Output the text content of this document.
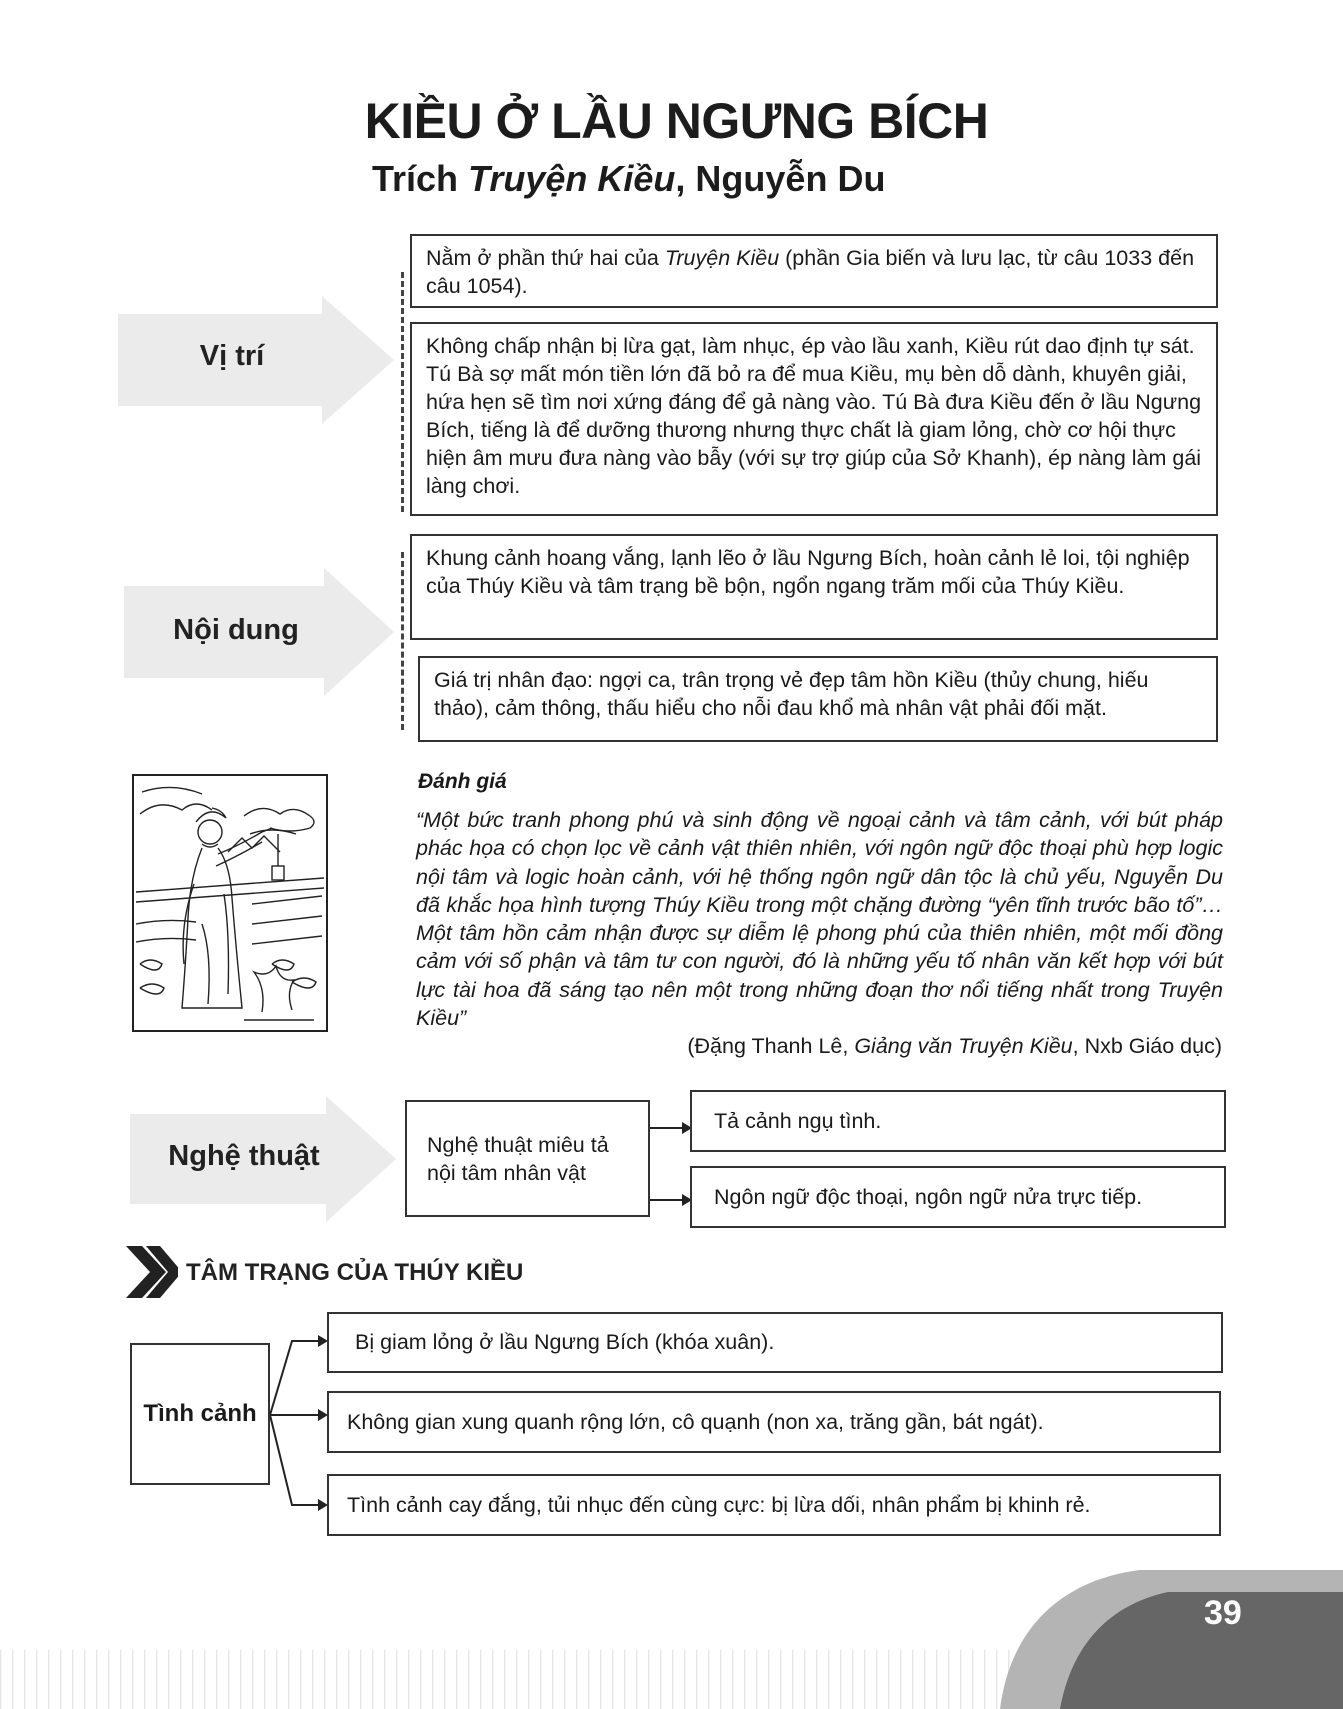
KIỀU Ở LẦU NGƯNG BÍCH
Trích Truyện Kiều, Nguyễn Du
Vị trí
Nằm ở phần thứ hai của Truyện Kiều (phần Gia biến và lưu lạc, từ câu 1033 đến câu 1054).
Không chấp nhận bị lừa gạt, làm nhục, ép vào lầu xanh, Kiều rút dao định tự sát. Tú Bà sợ mất món tiền lớn đã bỏ ra để mua Kiều, mụ bèn dỗ dành, khuyên giải, hứa hẹn sẽ tìm nơi xứng đáng để gả nàng vào. Tú Bà đưa Kiều đến ở lầu Ngưng Bích, tiếng là để dưỡng thương nhưng thực chất là giam lỏng, chờ cơ hội thực hiện âm mưu đưa nàng vào bẫy (với sự trợ giúp của Sở Khanh), ép nàng làm gái làng chơi.
Nội dung
Khung cảnh hoang vắng, lạnh lẽo ở lầu Ngưng Bích, hoàn cảnh lẻ loi, tội nghiệp của Thúy Kiều và tâm trạng bề bộn, ngổn ngang trăm mối của Thúy Kiều.
Giá trị nhân đạo: ngợi ca, trân trọng vẻ đẹp tâm hồn Kiều (thủy chung, hiếu thảo), cảm thông, thấu hiểu cho nỗi đau khổ mà nhân vật phải đối mặt.
Đánh giá
“Một bức tranh phong phú và sinh động về ngoại cảnh và tâm cảnh, với bút pháp phác họa có chọn lọc về cảnh vật thiên nhiên, với ngôn ngữ độc thoại phù hợp logic nội tâm và logic hoàn cảnh, với hệ thống ngôn ngữ dân tộc là chủ yếu, Nguyễn Du đã khắc họa hình tượng Thúy Kiều trong một chặng đường “yên tĩnh trước bão tố”… Một tâm hồn cảm nhận được sự diễm lệ phong phú của thiên nhiên, một mối đồng cảm với số phận và tâm tư con người, đó là những yếu tố nhân văn kết hợp với bút lực tài hoa đã sáng tạo nên một trong những đoạn thơ nổi tiếng nhất trong Truyện Kiều”
(Đặng Thanh Lê, Giảng văn Truyện Kiều, Nxb Giáo dục)
Nghệ thuật	Nghệ thuật miêu tả nội tâm nhân vật
Tả cảnh ngụ tình.
Ngôn ngữ độc thoại, ngôn ngữ nửa trực tiếp.
TÂM TRẠNG CỦA THÚY KIỀU
Tình cảnh
Bị giam lỏng ở lầu Ngưng Bích (khóa xuân).
Không gian xung quanh rộng lớn, cô quạnh (non xa, trăng gần, bát ngát).
Tình cảnh cay đắng, tủi nhục đến cùng cực: bị lừa dối, nhân phẩm bị khinh rẻ.
39
